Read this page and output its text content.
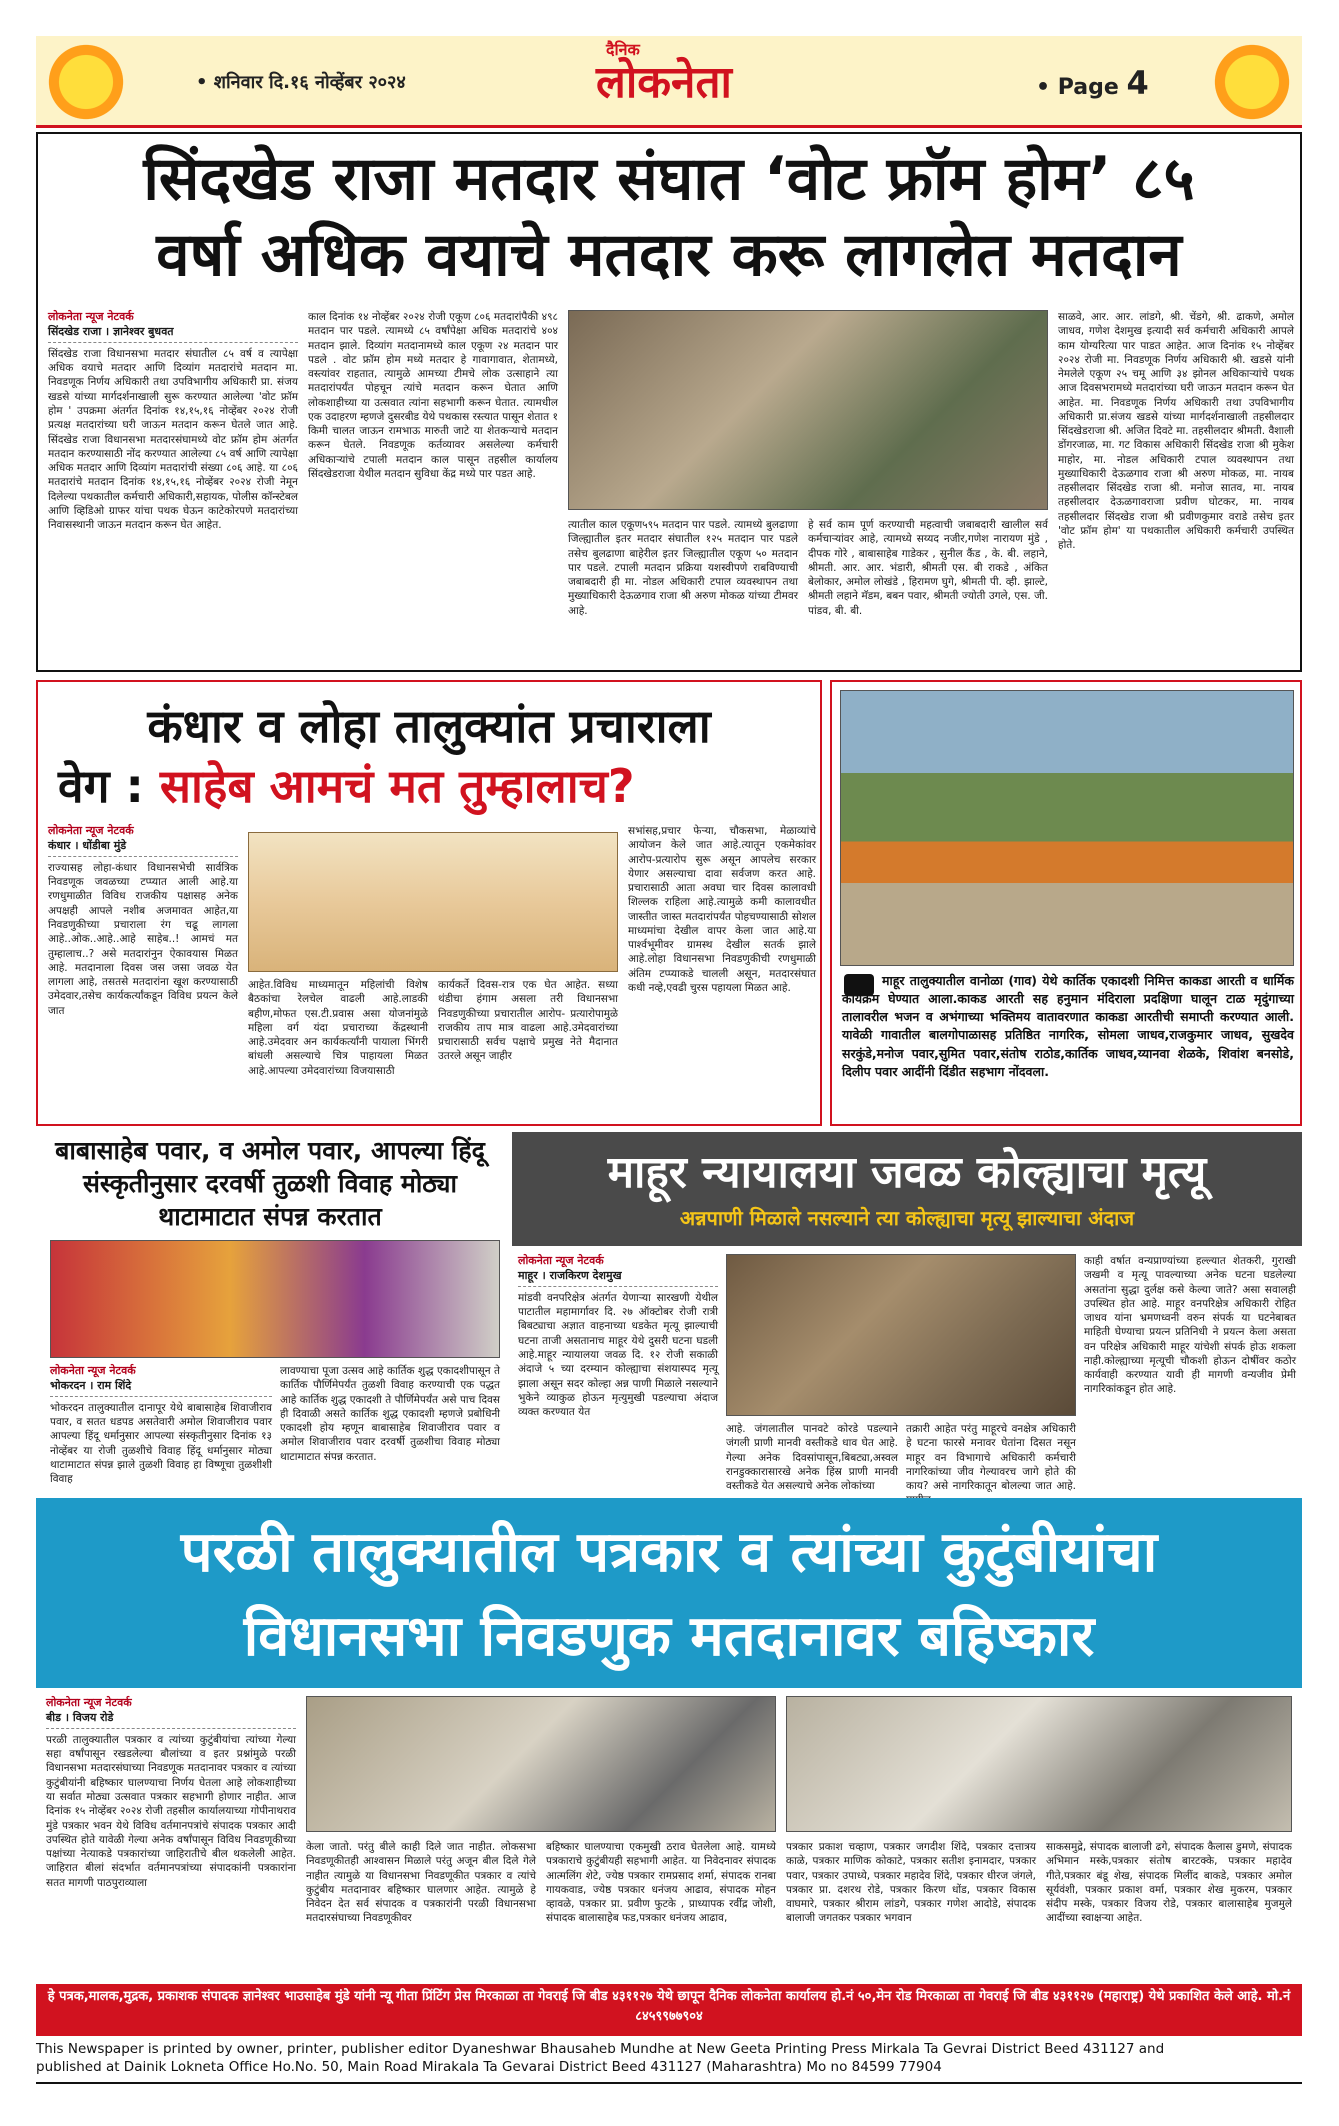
• शनिवार दि.१६ नोव्हेंबर २०२४
दैनिक
लोकनेता	• Page 4
सिंदखेड राजा मतदार संघात ‘वोट फ्रॉम होम’ ८५
वर्षा अधिक वयाचे मतदार करू लागलेत मतदान
लोकनेता न्यूज नेटवर्क
सिंदखेड राजा । ज्ञानेश्वर बुधवत
सिंदखेड राजा विधानसभा मतदार संघातील ८५ वर्ष व त्यापेक्षा अधिक वयाचे मतदार आणि दिव्यांग मतदारांचे मतदान मा. निवडणूक निर्णय अधिकारी तथा उपविभागीय अधिकारी प्रा. संजय खडसे यांच्या मार्गदर्शनाखाली सुरू करण्यात आलेल्या 'वोट फ्रॉम होम ' उपक्रमा अंतर्गत दिनांक १४,१५,१६ नोव्हेंबर २०२४ रोजी प्रत्यक्ष मतदारांच्या घरी जाऊन मतदान करून घेतले जात आहे. सिंदखेड राजा विधानसभा मतदारसंघामध्ये वोट फ्रॉम होम अंतर्गत मतदान करण्यासाठी नोंद करण्यात आलेल्या ८५ वर्ष आणि त्यापेक्षा अधिक मतदार आणि दिव्यांग मतदारांची संख्या ८०६ आहे. या ८०६ मतदारांचे मतदान दिनांक १४,१५,१६ नोव्हेंबर २०२४ रोजी नेमून दिलेल्या पथकातील कर्मचारी अधिकारी,सहायक, पोलीस कॉन्स्टेबल आणि व्हिडिओ ग्राफर यांचा पथक घेऊन काटेकोरपणे मतदारांच्या निवासस्थानी जाऊन मतदान करून घेत आहेत.
काल दिनांक १४ नोव्हेंबर २०२४ रोजी एकूण ८०६ मतदारांपैकी ४९८ मतदान पार पडले. त्यामध्ये ८५ वर्षांपेक्षा अधिक मतदारांचे ४०४ मतदान झाले. दिव्यांग मतदानामध्ये काल एकूण २४ मतदान पार पडले . वोट फ्रॉम होम मध्ये मतदार हे गावागावात, शेतामध्ये, वस्त्यांवर राहतात, त्यामुळे आमच्या टीमचे लोक उत्साहाने त्या मतदारांपर्यंत पोहचून त्यांचे मतदान करून घेतात आणि लोकशाहीच्या या उत्सवात त्यांना सहभागी करून घेतात. त्यामधील एक उदाहरण म्हणजे दुसरबीड येथे पथकास रस्त्यात पासून शेतात १ किमी चालत जाऊन रामभाऊ मारुती जाटे या शेतकऱ्याचे मतदान करून घेतले. निवडणूक कर्तव्यावर असलेल्या कर्मचारी अधिकाऱ्यांचे टपाली मतदान काल पासून तहसील कार्यालय सिंदखेडराजा येथील मतदान सुविधा केंद्र मध्ये पार पडत आहे.
त्यातील काल एकूण५९५ मतदान पार पडले. त्यामध्ये बुलढाणा जिल्ह्यातील इतर मतदार संघातील १२५ मतदान पार पडले तसेच बुलढाणा बाहेरील इतर जिल्ह्यातील एकूण ५० मतदान पार पडले. टपाली मतदान प्रक्रिया यशस्वीपणे राबविण्याची जबाबदारी ही मा. नोडल अधिकारी टपाल व्यवस्थापन तथा मुख्याधिकारी देऊळगाव राजा श्री अरुण मोकळ यांच्या टीमवर आहे.
हे सर्व काम पूर्ण करण्याची महत्वाची जबाबदारी खालील सर्व कर्मचाऱ्यांवर आहे, त्यामध्ये सय्यद नजीर,गणेश नारायण मुंडे , दीपक गोरे , बाबासाहेब गाडेकर , सुनील कैंड , के. बी. लहाने, श्रीमती. आर. आर. भंडारी, श्रीमती एस. बी राकडे , अंकित बेलोकार, अमोल लोखंडे , हिरामण घुगे, श्रीमती पी. व्ही. झाल्टे, श्रीमती लहाने मॅडम, बबन पवार, श्रीमती ज्योती उगले, एस. जी. पांडव, बी. बी.
साळवे, आर. आर. लांडगे, श्री. चेंडगे, श्री. ढाकणे, अमोल जाधव, गणेश देशमुख इत्यादी सर्व कर्मचारी अधिकारी आपले काम योग्यरित्या पार पाडत आहेत. आज दिनांक १५ नोव्हेंबर २०२४ रोजी मा. निवडणूक निर्णय अधिकारी श्री. खडसे यांनी नेमलेले एकूण २५ चमू आणि ३४ झोनल अधिकाऱ्यांचे पथक आज दिवसभरामध्ये मतदारांच्या घरी जाऊन मतदान करून घेत आहेत. मा. निवडणूक निर्णय अधिकारी तथा उपविभागीय अधिकारी प्रा.संजय खडसे यांच्या मार्गदर्शनाखाली तहसीलदार सिंदखेडराजा श्री. अजित दिवटे मा. तहसीलदार श्रीमती. वैशाली डोंगरजाळ, मा. गट विकास अधिकारी सिंदखेड राजा श्री मुकेश माहोर, मा. नोडल अधिकारी टपाल व्यवस्थापन तथा मुख्याधिकारी देऊळगाव राजा श्री अरुण मोकळ, मा. नायब तहसीलदार सिंदखेड राजा श्री. मनोज सातव, मा. नायब तहसीलदार देऊळगावराजा प्रवीण घोटकर, मा. नायब तहसीलदार सिंदखेड राजा श्री प्रवीणकुमार वराडे तसेच इतर 'वोट फ्रॉम होम' या पथकातील अधिकारी कर्मचारी उपस्थित होते.
कंधार व लोहा तालुक्यांत प्रचाराला
वेग : साहेब आमचं मत तुम्हालाच?
लोकनेता न्यूज नेटवर्क
कंधार । धोंडीबा मुंडे
राज्यासह लोहा-कंधार विधानसभेची सार्वत्रिक निवडणूक जवळच्या टप्प्यात आली आहे.या रणधुमाळीत विविध राजकीय पक्षासह अनेक अपक्षही आपले नशीब अजमावत आहेत,या निवडणुकीच्या प्रचाराला रंग चढू लागला आहे..ओक..आहे..आहे साहेब..! आमचं मत तुम्हालाच..? असे मतदारांनुन ऐकावयास मिळत आहे. मतदानाला दिवस जस जसा जवळ येत लागला आहे, तसतसे मतदारांना खूश करण्यासाठी उमेदवार,तसेच कार्यकर्त्यांकडून विविध प्रयत्न केले जात
आहेत.विविध माध्यमातून महिलांची विशेष बैठकांचा रेलचेल वाढली आहे.लाडकी बहीण,मोफत एस.टी.प्रवास असा योजनांमुळे महिला वर्ग यंदा प्रचाराच्या केंद्रस्थानी आहे.उमेदवार अन कार्यकर्त्यांनी पायाला भिंगरी बांधली असल्याचे चित्र पाहायला मिळत आहे.आपल्या उमेदवारांच्या विजयासाठी
कार्यकर्ते दिवस-रात्र एक घेत आहेत. सध्या थंडीचा हंगाम असला तरी विधानसभा निवडणुकीच्या प्रचारातील आरोप- प्रत्यारोपामुळे राजकीय ताप मात्र वाढला आहे.उमेदवारांच्या प्रचारासाठी सर्वच पक्षाचे प्रमुख नेते मैदानात उतरले असून जाहीर
सभांसह,प्रचार फेऱ्या, चौकसभा, मेळाव्यांचे आयोजन केले जात आहे.त्यातून एकमेकांवर आरोप-प्रत्यारोप सुरू असून आपलेच सरकार येणार असल्याचा दावा सर्वजण करत आहे. प्रचारासाठी आता अवघा चार दिवस कालावधी शिल्लक राहिला आहे.त्यामुळे कमी कालावधीत जास्तीत जास्त मतदारांपर्यंत पोहचण्यासाठी सोशल माध्यमांचा देखील वापर केला जात आहे.या पार्श्वभूमीवर ग्रामस्थ देखील सतर्क झाले आहे.लोहा विधानसभा निवडणुकीची रणधुमाळी अंतिम टप्प्याकडे चालली असून, मतदारसंघात कधी नव्हे,एवढी चुरस पहायला मिळत आहे.	माहूर तालुक्यातील वानोळा (गाव) येथे कार्तिक एकादशी निमित्त काकडा आरती व धार्मिक कार्यक्रम घेण्यात आला.काकड आरती सह हनुमान मंदिराला प्रदक्षिणा घालून टाळ मृदुंगाच्या तालावरील भजन व अभंगाच्या भक्तिमय वातावरणात काकडा आरतीची समाप्ती करण्यात आली. यावेळी गावातील बालगोपाळासह प्रतिष्ठित नागरिक, सोमला जाधव,राजकुमार जाधव, सुखदेव सरकुंडे,मनोज पवार,सुमित पवार,संतोष राठोड,कार्तिक जाधव,य्यानवा शेळके, शिवांश बनसोडे, दिलीप पवार आदींनी दिंडीत सहभाग नोंदवला.
बाबासाहेब पवार, व अमोल पवार, आपल्या हिंदू संस्कृतीनुसार दरवर्षी तुळशी विवाह मोठ्या थाटामाटात संपन्न करतात
लोकनेता न्यूज नेटवर्क
भोकरदन । राम शिंदे
भोकरदन तालुक्यातील दानापूर येथे बाबासाहेब शिवाजीराव पवार, व सतत धडपड असतेवारी अमोल शिवाजीराव पवार आपल्या हिंदू धर्मानुसार आपल्या संस्कृतीनुसार दिनांक १३ नोव्हेंबर या रोजी तुळशीचे विवाह हिंदू धर्मानुसार मोठ्या थाटामाटात संपन्न झाले तुळशी विवाह हा विष्णूचा तुळशीशी विवाह
लावण्याचा पूजा उत्सव आहे कार्तिक शुद्ध एकादशीपासून ते कार्तिक पौर्णिमेपर्यंत तुळशी विवाह करण्याची एक पद्धत आहे कार्तिक शुद्ध एकादशी ते पौर्णिमेपर्यंत असे पाच दिवस ही दिवाळी असते कार्तिक शुद्ध एकादशी म्हणजे प्रबोधिनी एकादशी होय म्हणून बाबासाहेब शिवाजीराव पवार व अमोल शिवाजीराव पवार दरवर्षी तुळशीचा विवाह मोठ्या थाटामाटात संपन्न करतात.
माहूर न्यायालया जवळ कोल्ह्याचा मृत्यू
अन्नपाणी मिळाले नसल्याने त्या कोल्ह्याचा मृत्यू झाल्याचा अंदाज
लोकनेता न्यूज नेटवर्क
माहूर । राजकिरण देशमुख
मांडवी वनपरिक्षेत्र अंतर्गत येणाऱ्या सारखणी येथील पाटातील महामार्गावर दि. २७ ऑक्टोबर रोजी रात्री बिबट्याचा अज्ञात वाहनाच्या धडकेत मृत्यू झाल्याची घटना ताजी असतानाच माहूर येथे दुसरी घटना घडली आहे.माहूर न्यायालया जवळ दि. १२ रोजी सकाळी अंदाजे ५ च्या दरम्यान कोल्ह्याचा संशयास्पद मृत्यू झाला असून सदर कोल्हा अन्न पाणी मिळाले नसल्याने भुकेने व्याकुळ होऊन मृत्युमुखी पडल्याचा अंदाज व्यक्त करण्यात येत
आहे. जंगलातील पानवटे कोरडे पडल्याने जंगली प्राणी मानवी वस्तीकडे धाव घेत आहे. गेल्या अनेक दिवसांपासून,बिबट्या,अस्वल रानडुक्कारासारखे अनेक हिंस्र प्राणी मानवी वस्तीकडे येत असल्याचे अनेक लोकांच्या
तक्रारी आहेत परंतु माहूरचे वनक्षेत्र अधिकारी हे घटना फारसे मनावर घेतांना दिसत नसून माहूर वन विभागाचे अधिकारी कर्मचारी नागरिकांच्या जीव गेल्यावरच जागे होते की काय? असे नागरिकातून बोलल्या जात आहे.
काही वर्षात वन्यप्राण्यांच्या हल्ल्यात शेतकरी, गुराखी जखमी व मृत्यू पावल्याच्या अनेक घटना घडलेल्या असतांना सुद्धा दुर्लक्ष कसे केल्या जाते? असा सवालही उपस्थित होत आहे. माहूर वनपरिक्षेत्र अधिकारी रोहित जाधव यांना भ्रमणध्वनी वरुन संपर्क या घटनेबाबत माहिती घेण्याचा प्रयत्न प्रतिनिधी ने प्रयत्न केला असता वन परिक्षेत्र अधिकारी माहूर यांचेशी संपर्क होऊ शकला नाही.कोल्ह्याच्या मृत्यूची चौकशी होऊन दोषींवर कठोर कार्यवाही करण्यात यावी ही मागणी वन्यजीव प्रेमी नागरिकांकडून होत आहे.
परळी तालुक्यातील पत्रकार व त्यांच्या कुटुंबीयांचा
विधानसभा निवडणुक मतदानावर बहिष्कार
लोकनेता न्यूज नेटवर्क
बीड । विजय रोडे
परळी तालुक्यातील पत्रकार व त्यांच्या कुटुंबीयांचा त्यांच्या गेल्या सहा वर्षांपासून रखडलेल्या बौलांच्या व इतर प्रश्नांमुळे परळी विधानसभा मतदारसंघाच्या निवडणूक मतदानावर पत्रकार व त्यांच्या कुटुंबीयांनी बहिष्कार घालण्याचा निर्णय घेतला आहे लोकशाहीच्या या सर्वात मोठ्या उत्सवात पत्रकार सहभागी होणार नाहीत. आज दिनांक १५ नोव्हेंबर २०२४ रोजी तहसील कार्यालयाच्या गोपीनाथराव मुंडे पत्रकार भवन येथे विविध वर्तमानपत्रांचे संपादक पत्रकार आदी उपस्थित होते यावेळी गेल्या अनेक वर्षांपासून विविध निवडणूकीच्या पक्षांच्या नेत्याकडे पत्रकारांच्या जाहिरातीचे बील थकलेली आहेत. जाहिरात बीलां संदर्भात वर्तमानपत्रांच्या संपादकांनी पत्रकारांना सतत मागणी पाठपुराव्याला
केला जातो. परंतु बीले काही दिले जात नाहीत. लोकसभा निवडणूकीतही आश्वासन मिळाले परंतु अजून बील दिले गेले नाहीत त्यामुळे या विधानसभा निवडणूकीत पत्रकार व त्यांचे कुटुंबीय मतदानावर बहिष्कार घालणार आहेत. त्यामुळे हे निवेदन देत सर्व संपादक व पत्रकारांनी परळी विधानसभा मतदारसंघाच्या निवडणूकीवर
बहिष्कार घालण्याचा एकमुखी ठराव घेतलेला आहे. यामध्ये पत्रकाराचे कुटुंबीयही सहभागी आहेत. या निवेदनावर संपादक आत्मलिंग शेटे, ज्येष्ठ पत्रकार रामप्रसाद शर्मा, संपादक रानबा गायकवाड, ज्येष्ठ पत्रकार धनंजय आढाव, संपादक मोहन व्हावळे, पत्रकार प्रा. प्रवीण फुटके , प्राध्यापक रवींद्र जोशी, संपादक बालासाहेब फड,पत्रकार धनंजय आढाव,
पत्रकार प्रकाश चव्हाण, पत्रकार जगदीश शिंदे, पत्रकार दत्तात्रय काळे, पत्रकार माणिक कोकाटे, पत्रकार सतीश इनामदार, पत्रकार पवार, पत्रकार उपाध्ये, पत्रकार महादेव शिंदे, पत्रकार धीरज जंगले, पत्रकार प्रा. दशरथ रोडे, पत्रकार किरण धोंड, पत्रकार विकास वाघमारे, पत्रकार श्रीराम लांडगे, पत्रकार गणेश आदोडे, संपादक बालाजी जगतकर पत्रकार भगवान
साकसमुद्रे, संपादक बालाजी ढगे, संपादक कैलास डुमणे, संपादक अभिमान मस्के,पत्रकार संतोष बारटक्के, पत्रकार महादेव गीते,पत्रकार बंडू शेख, संपादक मिलींद बाकडे, पत्रकार अमोल सूर्यवंशी, पत्रकार प्रकाश वर्मा, पत्रकार शेख मुकरम, पत्रकार संदीप मस्के, पत्रकार विजय रोडे, पत्रकार बालासाहेब मुजमुले आदींच्या स्वाक्षऱ्या आहेत.
हे पत्रक,मालक,मुद्रक, प्रकाशक संपादक ज्ञानेश्वर भाउसाहेब मुंडे यांनी न्यू गीता प्रिंटिंग प्रेस मिरकाळा ता गेवराई जि बीड ४३११२७ येथे छापून दैनिक लोकनेता कार्यालय हो.नं ५०,मेन रोड मिरकाळा ता गेवराई जि बीड ४३११२७ (महाराष्ट्र) येथे प्रकाशित केले आहे. मो.नं ८४५९९७७९०४
This Newspaper is printed by owner, printer, publisher editor Dyaneshwar Bhausaheb Mundhe at New Geeta Printing Press Mirkala Ta Gevrai District Beed 431127 and
published at Dainik Lokneta Office Ho.No. 50, Main Road Mirakala Ta Gevarai District Beed 431127 (Maharashtra) Mo no 84599 77904
